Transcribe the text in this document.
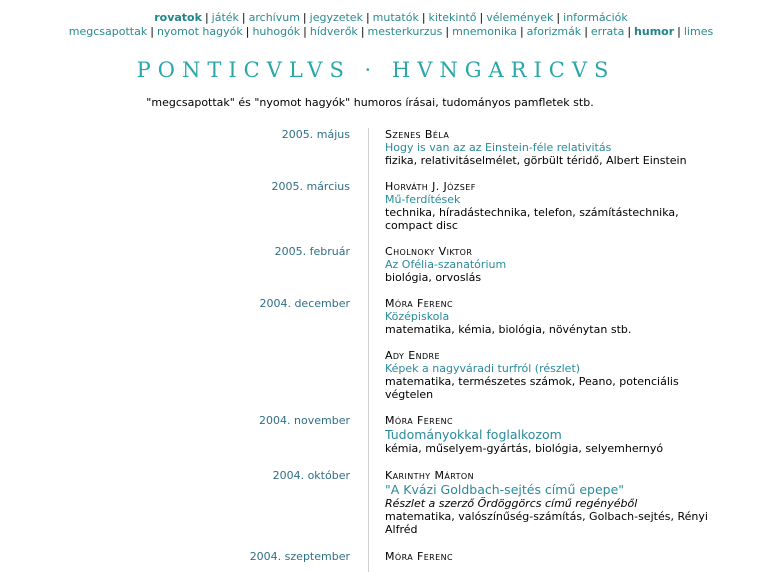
rovatok | játék | archívum | jegyzetek | mutatók | kitekintő | vélemények | információk
megcsapottak | nyomot hagyók | huhogók | hídverők | mesterkurzus | mnemonika | aforizmák | errata | humor | limes
PONTICVLVS · HVNGARICVS
"megcsapottak" és "nyomot hagyók" humoros írásai, tudományos pamfletek stb.
2005. május	Szenes Béla
Hogy is van az az Einstein-féle relativitás
fizika, relativitáselmélet, görbült téridő, Albert Einstein
2005. március	Horváth J. József
Mű-ferdítések
technika, híradástechnika, telefon, számítástechnika, compact disc
2005. február	Cholnoky Viktor
Az Ofélia-szanatórium
biológia, orvoslás
2004. december	Móra Ferenc
Középiskola
matematika, kémia, biológia, növénytan stb.
Ady Endre
Képek a nagyváradi turfról (részlet)
matematika, természetes számok, Peano, potenciális végtelen
2004. november	Móra Ferenc
Tudományokkal foglalkozom
kémia, műselyem-gyártás, biológia, selyemhernyó
2004. október	Karinthy Márton
"A Kvázi Goldbach-sejtés című epepe"
Részlet a szerző Ördöggörcs című regényéből
matematika, valószínűség-számítás, Golbach-sejtés, Rényi Alfréd
2004. szeptember	Móra Ferenc
